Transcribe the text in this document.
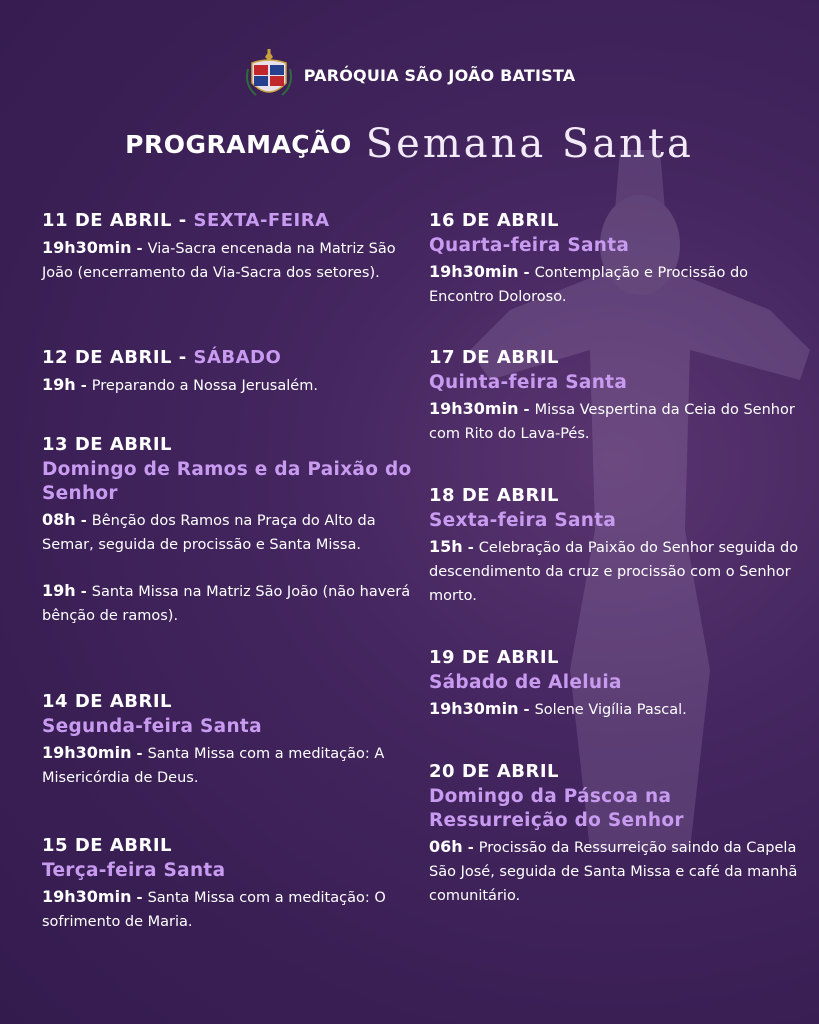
PARÓQUIA SÃO JOÃO BATISTA
PROGRAMAÇÃO Semana Santa
11 DE ABRIL - SEXTA-FEIRA
19h30min - Via-Sacra encenada na Matriz São João (encerramento da Via-Sacra dos setores).
12 DE ABRIL - SÁBADO
19h - Preparando a Nossa Jerusalém.
13 DE ABRIL
Domingo de Ramos e da Paixão do Senhor
08h - Bênção dos Ramos na Praça do Alto da Semar, seguida de procissão e Santa Missa.
19h - Santa Missa na Matriz São João (não haverá bênção de ramos).
14 DE ABRIL
Segunda-feira Santa
19h30min - Santa Missa com a meditação: A Misericórdia de Deus.
15 DE ABRIL
Terça-feira Santa
19h30min - Santa Missa com a meditação: O sofrimento de Maria.
16 DE ABRIL
Quarta-feira Santa
19h30min - Contemplação e Procissão do Encontro Doloroso.
17 DE ABRIL
Quinta-feira Santa
19h30min - Missa Vespertina da Ceia do Senhor com Rito do Lava-Pés.
18 DE ABRIL
Sexta-feira Santa
15h - Celebração da Paixão do Senhor seguida do descendimento da cruz e procissão com o Senhor morto.
19 DE ABRIL
Sábado de Aleluia
19h30min - Solene Vigília Pascal.
20 DE ABRIL
Domingo da Páscoa na Ressurreição do Senhor
06h - Procissão da Ressurreição saindo da Capela São José, seguida de Santa Missa e café da manhã comunitário.
